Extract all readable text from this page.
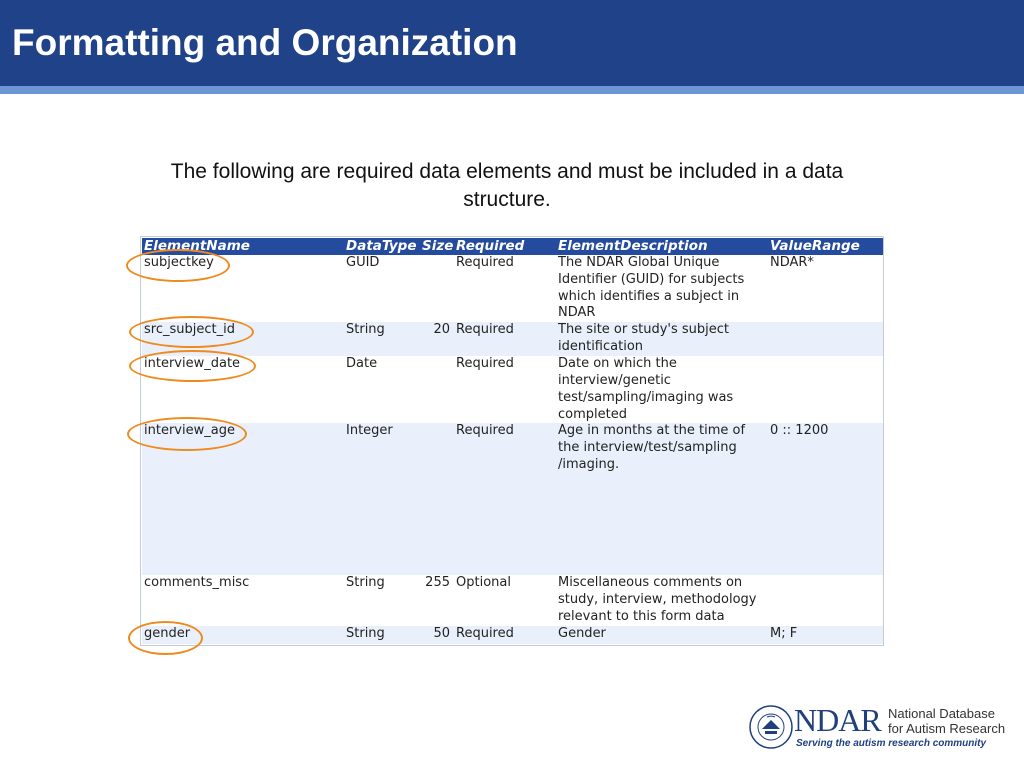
Formatting and Organization
The following are required data elements and must be included in a data structure.
ElementName	DataType	Size	Required	ElementDescription	ValueRange
subjectkey	GUID		Required	The NDAR Global Unique Identifier (GUID) for subjects which identifies a subject in NDAR	NDAR*
src_subject_id	String	20	Required	The site or study's subject identification	
interview_date	Date		Required	Date on which the interview/genetic test/sampling/imaging was completed	
interview_age	Integer		Required	Age in months at the time of the interview/test/sampling /imaging.	0 :: 1200
comments_misc	String	255	Optional	Miscellaneous comments on study, interview, methodology relevant to this form data	
gender	String	50	Required	Gender	M; F
NDAR National Database
for Autism Research
Serving the autism research community
